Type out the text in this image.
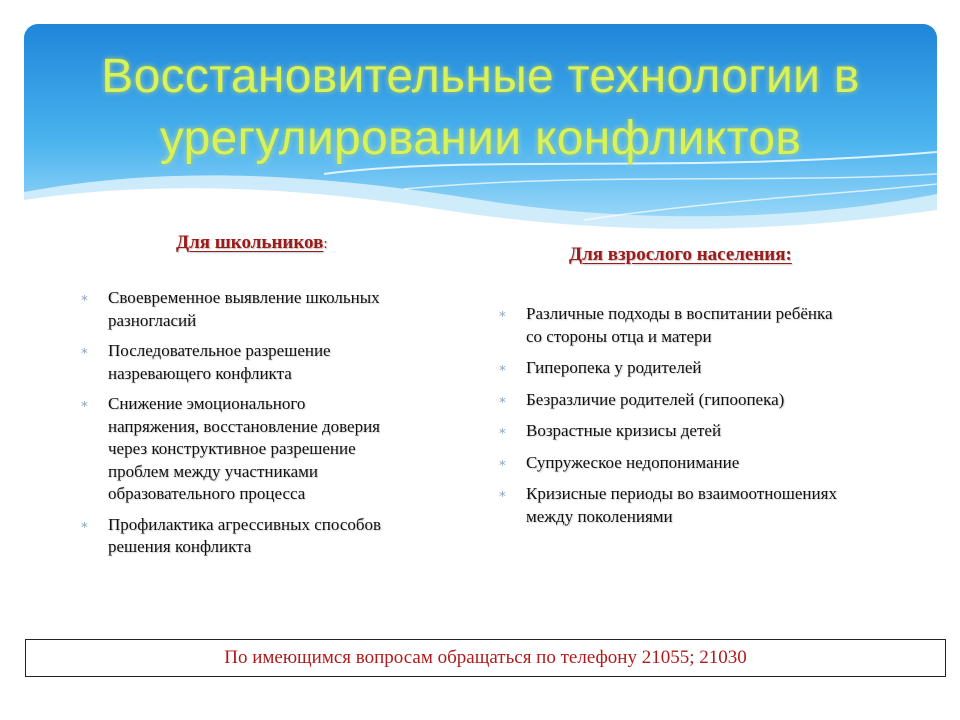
Восстановительные технологии в
урегулировании конфликтов
Для школьников:
∗ Своевременное выявление школьных
разногласий
∗ Последовательное разрешение
назревающего конфликта
∗ Снижение эмоционального
напряжения, восстановление доверия
через конструктивное разрешение
проблем между участниками
образовательного процесса
∗ Профилактика агрессивных способов
решения конфликта
Для взрослого населения:
∗ Различные подходы в воспитании ребёнка
со стороны отца и матери
∗ Гиперопека у родителей
∗ Безразличие родителей (гипоопека)
∗ Возрастные кризисы детей
∗ Супружеское недопонимание
∗ Кризисные периоды во взаимоотношениях
между поколениями
По имеющимся вопросам обращаться по телефону 21055; 21030
